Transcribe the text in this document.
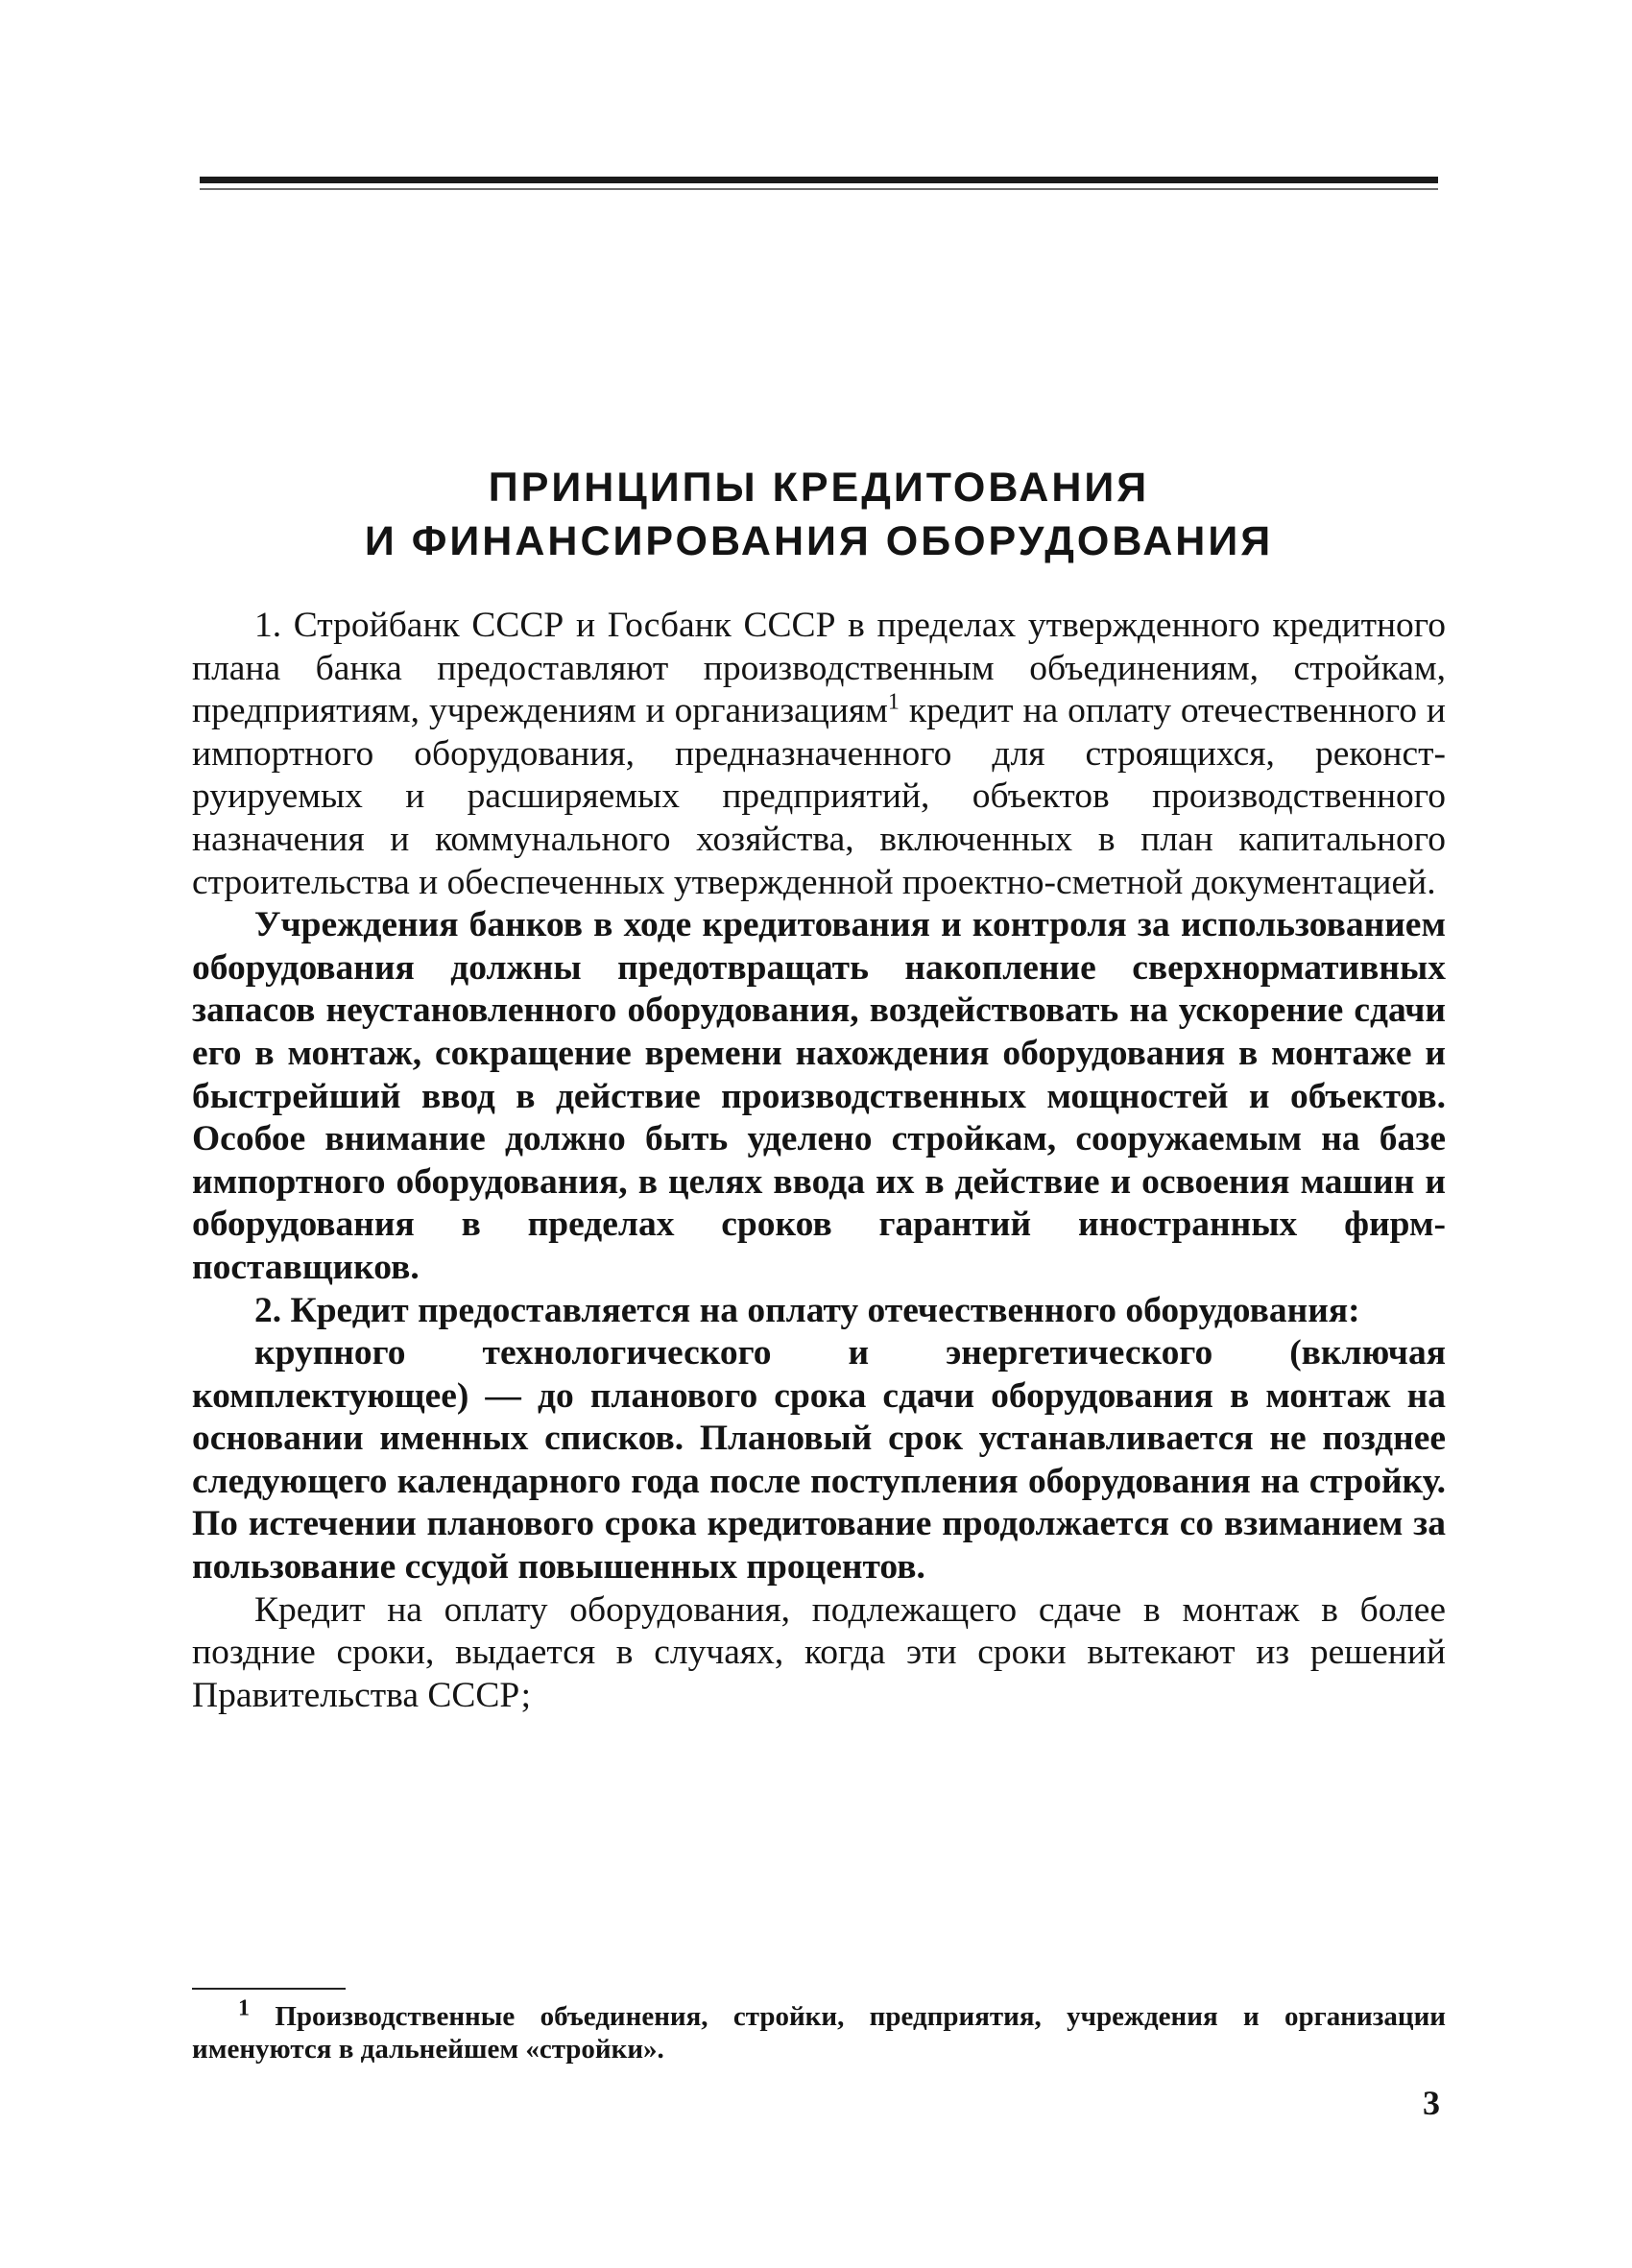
ПРИНЦИПЫ КРЕДИТОВАНИЯ
И ФИНАНСИРОВАНИЯ ОБОРУДОВАНИЯ

1. Стройбанк СССР и Госбанк СССР в пределах утвержденного кредитного плана банка предоставляют производственным объединениям, стройкам, предприятиям, учреждениям и организациям$^1$ кредит на оплату отечественного и импортного оборудования, предназначенного для строящихся, реконструируемых и расширяемых предприятий, объектов производственного назначения и коммунального хозяйства, включенных в план капитального строительства и обеспеченных утвержденной проектно-сметной документацией.

Учреждения банков в ходе кредитования и контроля за использованием оборудования должны предотвращать накопление сверхнормативных запасов неустановленного оборудования, воздействовать на ускорение сдачи его в монтаж, сокращение времени нахождения оборудования в монтаже и быстрейший ввод в действие производственных мощностей и объектов. Особое внимание должно быть уделено стройкам, сооружаемым на базе импортного оборудования, в целях ввода их в действие и освоения машин и оборудования в пределах сроков гарантий иностранных фирм-поставщиков.

2. Кредит предоставляется на оплату отечественного оборудования:

крупного технологического и энергетического (включая комплектующее) — до планового срока сдачи оборудования в монтаж на основании именных списков. Плановый срок устанавливается не позднее следующего календарного года после поступления оборудования на стройку. По истечении планового срока кредитование продолжается со взиманием за пользование ссудой повышенных процентов.

Кредит на оплату оборудования, подлежащего сдаче в монтаж в более поздние сроки, выдается в случаях, когда эти сроки вытекают из решений Правительства СССР;

$^1$ Производственные объединения, стройки, предприятия, учреждения и организации именуются в дальнейшем «стройки».

3
